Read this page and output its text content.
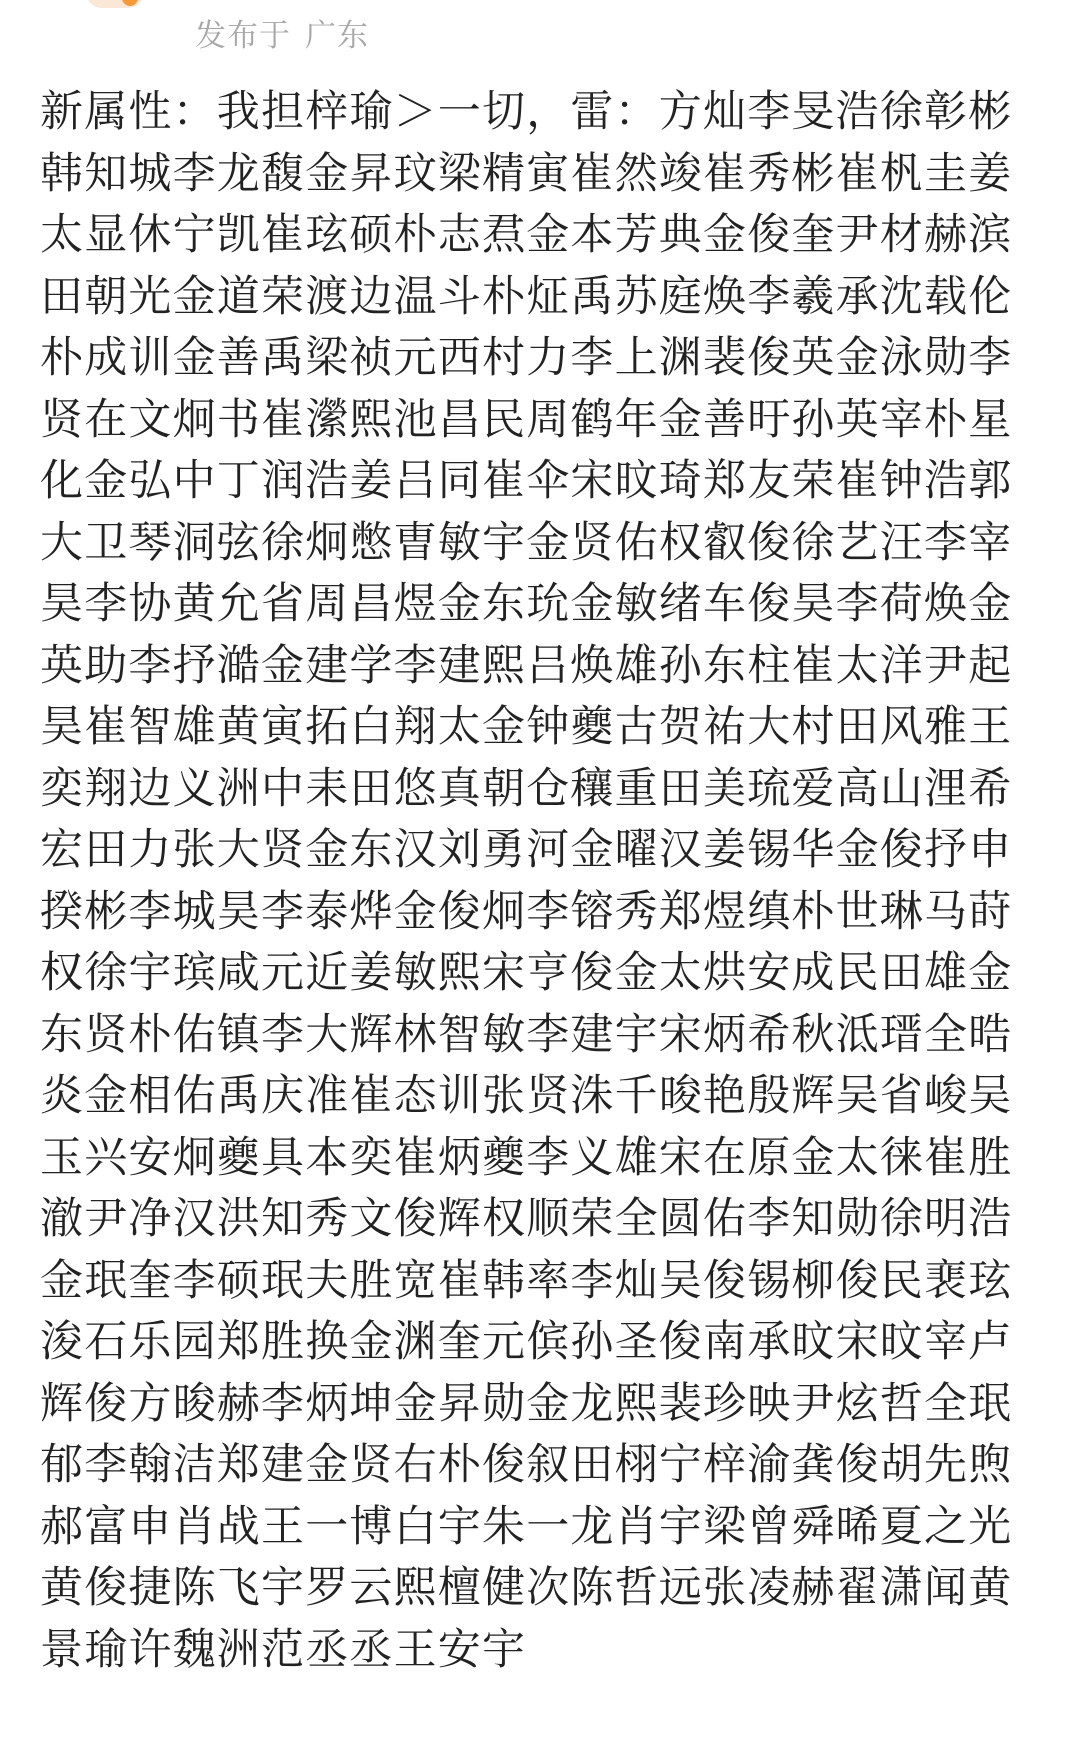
发布于 广东
新属性：我担梓瑜＞一切，雷：方灿李旻浩徐彰彬韩知城李龙馥金昇玟梁精寅崔然竣崔秀彬崔杋圭姜太显休宁凯崔玹硕朴志焄金本芳典金俊奎尹材赫滨田朝光金道荣渡边温斗朴炡禹苏庭焕李羲承沈载伦朴成训金善禹梁祯元西村力李上渊裴俊英金泳勋李贤在文炯书崔瀠熙池昌民周鹤年金善旴孙英宰朴星化金弘中丁润浩姜吕同崔伞宋旼琦郑友荣崔钟浩郭大卫琴洞弦徐炯憋曺敏宇金贤佑权叡俊徐艺汪李宰昊李协黄允省周昌煜金东玧金敏绪车俊昊李荷焕金英助李抒澔金建学李建熙吕焕雄孙东柱崔太洋尹起昊崔智雄黄寅拓白翔太金钟夔古贺祐大村田风雅王奕翔边义洲中耒田悠真朝仓穰重田美琉爱高山浬希宏田力张大贤金东汉刘勇河金曜汉姜锡华金俊抒申揆彬李城昊李泰烨金俊炯李镕秀郑煜缜朴世琳马莳权徐宇瑸咸元近姜敏熙宋亨俊金太烘安成民田雄金东贤朴佑镇李大辉林智敏李建宇宋炳希秋泜瑨全晧炎金相佑禹庆准崔态训张贤洙千晙艳殷辉吴省峻吴玉兴安炯夔具本奕崔炳夔李义雄宋在原金太徕崔胜澈尹净汉洪知秀文俊辉权顺荣全圆佑李知勋徐明浩金珉奎李硕珉夫胜宽崔韩率李灿吴俊锡柳俊民裵玹浚石乐园郑胜换金渊奎元傧孙圣俊南承旼宋旼宰卢辉俊方晙赫李炳坤金昇勋金龙熙裴珍映尹炫哲全珉郁李翰洁郑建金贤右朴俊叙田栩宁梓渝龚俊胡先煦郝富申肖战王一博白宇朱一龙肖宇梁曾舜晞夏之光黄俊捷陈飞宇罗云熙檀健次陈哲远张凌赫翟潇闻黄景瑜许魏洲范丞丞王安宇
